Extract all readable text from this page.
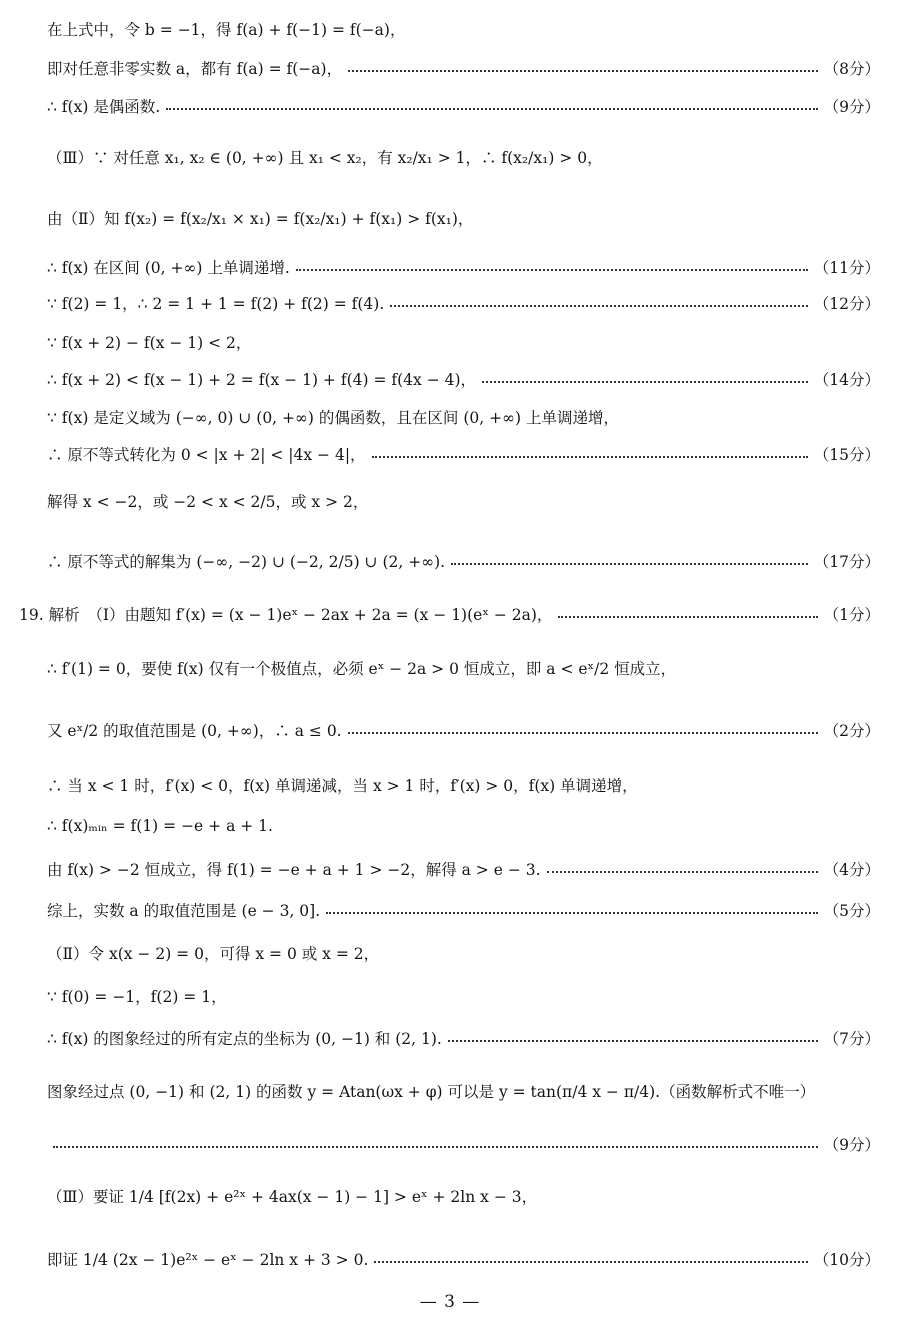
在上式中，令 b = −1，得 f(a) + f(−1) = f(−a)，
即对任意非零实数 a，都有 f(a) = f(−a)，	（8分）
∴ f(x) 是偶函数.	（9分）
（Ⅲ）∵ 对任意 x₁, x₂ ∈ (0, +∞) 且 x₁ < x₂，有 x₂/x₁ > 1，∴ f(x₂/x₁) > 0，
由（Ⅱ）知 f(x₂) = f(x₂/x₁ × x₁) = f(x₂/x₁) + f(x₁) > f(x₁)，
∴ f(x) 在区间 (0, +∞) 上单调递增.	（11分）
∵ f(2) = 1，∴ 2 = 1 + 1 = f(2) + f(2) = f(4).	（12分）
∵ f(x + 2) − f(x − 1) < 2，
∴ f(x + 2) < f(x − 1) + 2 = f(x − 1) + f(4) = f(4x − 4)，	（14分）
∵ f(x) 是定义域为 (−∞, 0) ∪ (0, +∞) 的偶函数，且在区间 (0, +∞) 上单调递增，
∴ 原不等式转化为 0 < |x + 2| < |4x − 4|，	（15分）
解得 x < −2，或 −2 < x < 2/5，或 x > 2，
∴ 原不等式的解集为 (−∞, −2) ∪ (−2, 2/5) ∪ (2, +∞).	（17分）
19. 解析　（Ⅰ）由题知 f′(x) = (x − 1)eˣ − 2ax + 2a = (x − 1)(eˣ − 2a)，	（1分）
∴ f′(1) = 0，要使 f(x) 仅有一个极值点，必须 eˣ − 2a > 0 恒成立，即 a < eˣ/2 恒成立，
又 eˣ/2 的取值范围是 (0, +∞)，∴ a ≤ 0.	（2分）
∴ 当 x < 1 时，f′(x) < 0，f(x) 单调递减，当 x > 1 时，f′(x) > 0，f(x) 单调递增，
∴ f(x)ₘᵢₙ = f(1) = −e + a + 1.
由 f(x) > −2 恒成立，得 f(1) = −e + a + 1 > −2，解得 a > e − 3.	（4分）
综上，实数 a 的取值范围是 (e − 3, 0].	（5分）
（Ⅱ）令 x(x − 2) = 0，可得 x = 0 或 x = 2，
∵ f(0) = −1，f(2) = 1，
∴ f(x) 的图象经过的所有定点的坐标为 (0, −1) 和 (2, 1).	（7分）
图象经过点 (0, −1) 和 (2, 1) 的函数 y = Atan(ωx + φ) 可以是 y = tan(π/4 x − π/4).（函数解析式不唯一）
（9分）
（Ⅲ）要证 1/4 [f(2x) + e²ˣ + 4ax(x − 1) − 1] > eˣ + 2ln x − 3，
即证 1/4 (2x − 1)e²ˣ − eˣ − 2ln x + 3 > 0.	（10分）
— 3 —
